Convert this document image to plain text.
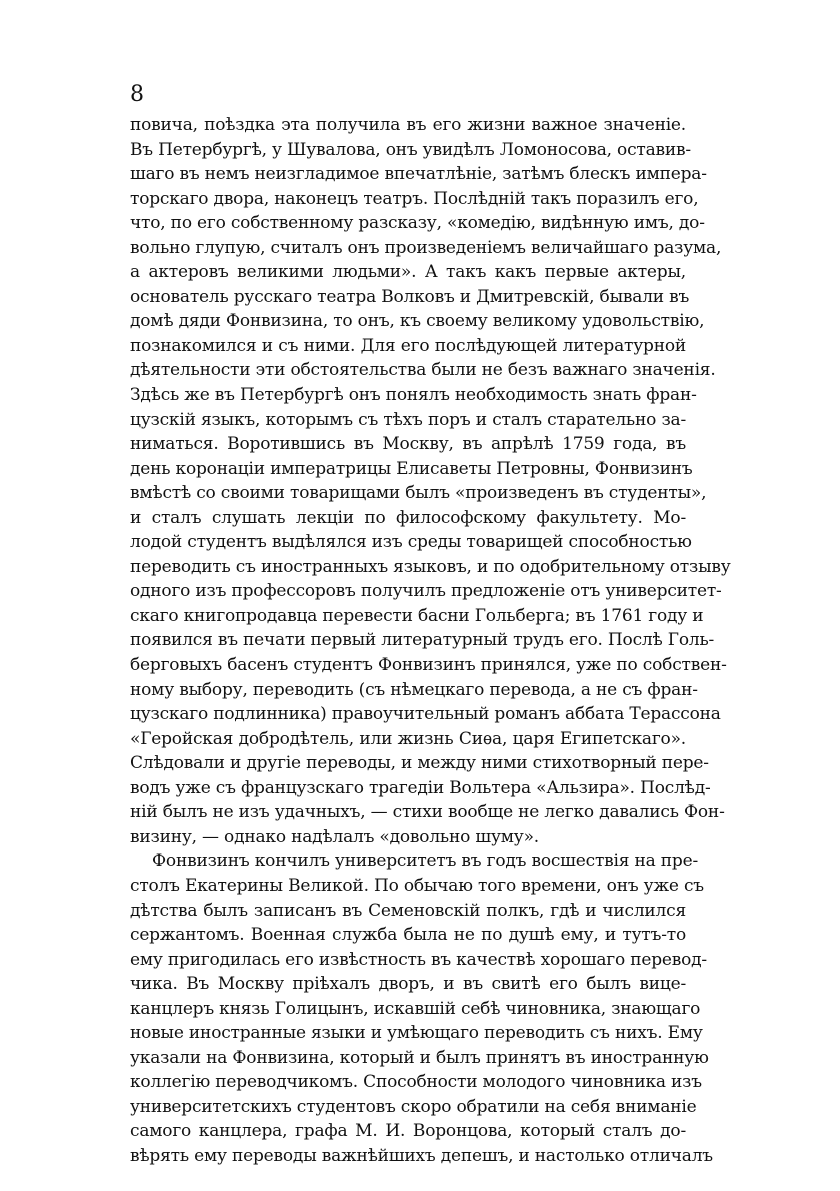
8
повича, поѣздка эта получила въ его жизни важное значеніе.
Въ Петербургѣ, у Шувалова, онъ увидѣлъ Ломоносова, оставив-
шаго въ немъ неизгладимое впечатлѣніе, затѣмъ блескъ импера-
торскаго двора, наконецъ театръ. Послѣдній такъ поразилъ его,
что, по его собственному разсказу, «комедію, видѣнную имъ, до-
вольно глупую, считалъ онъ произведеніемъ величайшаго разума,
а актеровъ великими людьми». А такъ какъ первые актеры,
основатель русскаго театра Волковъ и Дмитревскій, бывали въ
домѣ дяди Фонвизина, то онъ, къ своему великому удовольствію,
познакомился и съ ними. Для его послѣдующей литературной
дѣятельности эти обстоятельства были не безъ важнаго значенія.
Здѣсь же въ Петербургѣ онъ понялъ необходимость знать фран-
цузскій языкъ, которымъ съ тѣхъ поръ и сталъ старательно за-
ниматься. Воротившись въ Москву, въ апрѣлѣ 1759 года, въ
день коронаціи императрицы Елисаветы Петровны, Фонвизинъ
вмѣстѣ со своими товарищами былъ «произведенъ въ студенты»,
и сталъ слушать лекціи по философскому факультету. Мо-
лодой студентъ выдѣлялся изъ среды товарищей способностью
переводить съ иностранныхъ языковъ, и по одобрительному отзыву
одного изъ профессоровъ получилъ предложеніе отъ университет-
скаго книгопродавца перевести басни Гольберга; въ 1761 году и
появился въ печати первый литературный трудъ его. Послѣ Голь-
берговыхъ басенъ студентъ Фонвизинъ принялся, уже по собствен-
ному выбору, переводить (съ нѣмецкаго перевода, а не съ фран-
цузскаго подлинника) правоучительный романъ аббата Терассона
«Геройская добродѣтель, или жизнь Сиѳа, царя Египетскаго».
Слѣдовали и другіе переводы, и между ними стихотворный пере-
водъ уже съ французскаго трагедіи Вольтера «Альзира». Послѣд-
ній былъ не изъ удачныхъ, — стихи вообще не легко давались Фон-
визину, — однако надѣлалъ «довольно шуму».
Фонвизинъ кончилъ университетъ въ годъ восшествія на пре-
столъ Екатерины Великой. По обычаю того времени, онъ уже съ
дѣтства былъ записанъ въ Семеновскій полкъ, гдѣ и числился
сержантомъ. Военная служба была не по душѣ ему, и тутъ-то
ему пригодилась его извѣстность въ качествѣ хорошаго перевод-
чика. Въ Москву пріѣхалъ дворъ, и въ свитѣ его былъ вице-
канцлеръ князь Голицынъ, искавшій себѣ чиновника, знающаго
новые иностранные языки и умѣющаго переводить съ нихъ. Ему
указали на Фонвизина, который и былъ принятъ въ иностранную
коллегію переводчикомъ. Способности молодого чиновника изъ
университетскихъ студентовъ скоро обратили на себя вниманіе
самого канцлера, графа М. И. Воронцова, который сталъ до-
вѣрять ему переводы важнѣйшихъ депешъ, и настолько отличалъ
